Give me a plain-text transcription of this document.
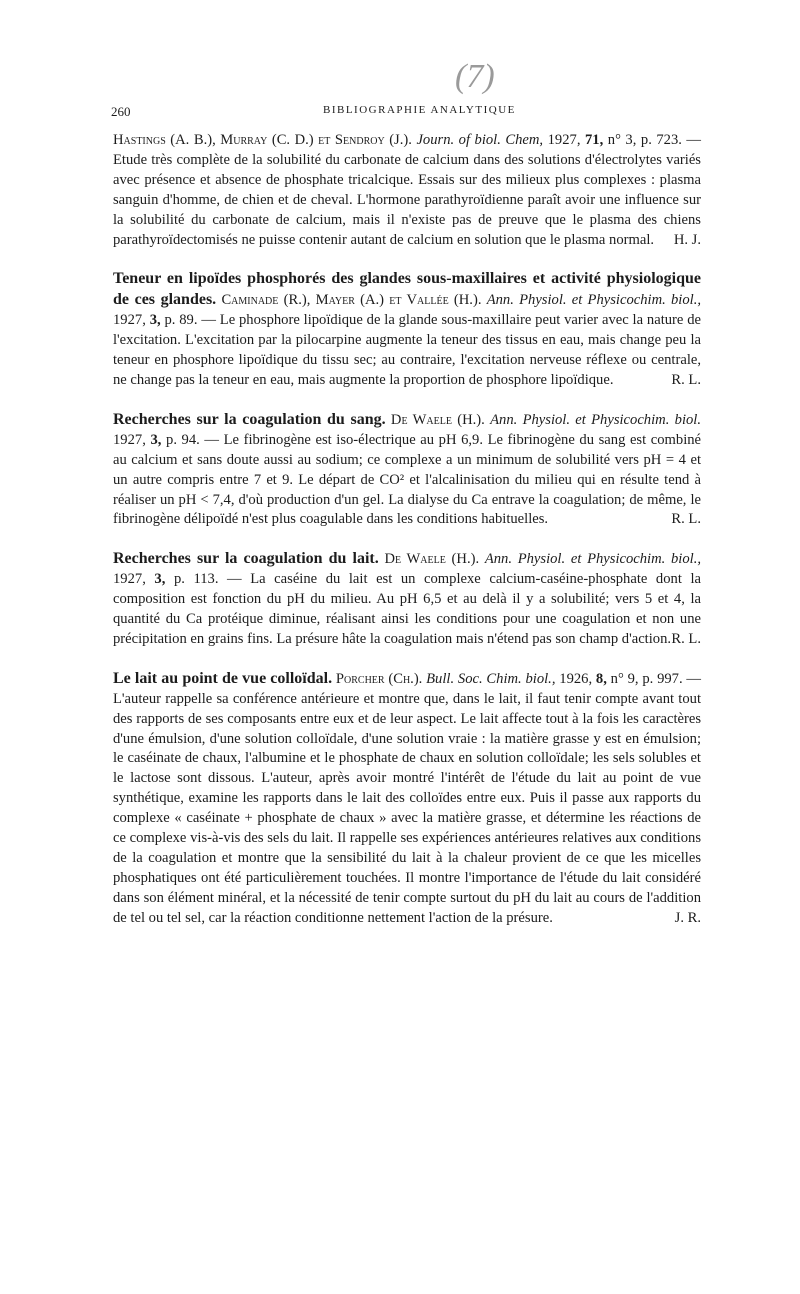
260	BIBLIOGRAPHIE ANALYTIQUE
(7)
Hastings (A. B.), Murray (C. D.) et Sendroy (J.). Journ. of biol. Chem, 1927, 71, n° 3, p. 723. — Etude très complète de la solubilité du carbonate de calcium dans des solutions d'électrolytes variés avec présence et absence de phosphate tricalcique. Essais sur des milieux plus complexes : plasma sanguin d'homme, de chien et de cheval. L'hormone parathyroïdienne paraît avoir une influence sur la solubilité du carbonate de calcium, mais il n'existe pas de preuve que le plasma des chiens parathyroïdectomisés ne puisse contenir autant de calcium en solution que le plasma normal. H. J.
Teneur en lipoïdes phosphorés des glandes sous-maxillaires et activité physiologique de ces glandes. Caminade (R.), Mayer (A.) et Vallée (H.). Ann. Physiol. et Physicochim. biol., 1927, 3, p. 89. — Le phosphore lipoïdique de la glande sous-maxillaire peut varier avec la nature de l'excitation. L'excitation par la pilocarpine augmente la teneur des tissus en eau, mais change peu la teneur en phosphore lipoïdique du tissu sec; au contraire, l'excitation nerveuse réflexe ou centrale, ne change pas la teneur en eau, mais augmente la proportion de phosphore lipoïdique.	R. L.
Recherches sur la coagulation du sang. De Waele (H.). Ann. Physiol. et Physicochim. biol. 1927, 3, p. 94. — Le fibrinogène est iso-électrique au pH 6,9. Le fibrinogène du sang est combiné au calcium et sans doute aussi au sodium; ce complexe a un minimum de solubilité vers pH = 4 et un autre compris entre 7 et 9. Le départ de CO² et l'alcalinisation du milieu qui en résulte tend à réaliser un pH < 7,4, d'où production d'un gel. La dialyse du Ca entrave la coagulation; de même, le fibrinogène délipoïdé n'est plus coagulable dans les conditions habituelles.	R. L.
Recherches sur la coagulation du lait. De Waele (H.). Ann. Physiol. et Physicochim. biol., 1927, 3, p. 113. — La caséine du lait est un complexe calcium-caséine-phosphate dont la composition est fonction du pH du milieu. Au pH 6,5 et au delà il y a solubilité; vers 5 et 4, la quantité du Ca protéique diminue, réalisant ainsi les conditions pour une coagulation et non une précipitation en grains fins. La présure hâte la coagulation mais n'étend pas son champ d'action. R. L.
Le lait au point de vue colloïdal. Porcher (Ch.). Bull. Soc. Chim. biol., 1926, 8, n° 9, p. 997. — L'auteur rappelle sa conférence antérieure et montre que, dans le lait, il faut tenir compte avant tout des rapports de ses composants entre eux et de leur aspect. Le lait affecte tout à la fois les caractères d'une émulsion, d'une solution colloïdale, d'une solution vraie : la matière grasse y est en émulsion; le caséinate de chaux, l'albumine et le phosphate de chaux en solution colloïdale; les sels solubles et le lactose sont dissous. L'auteur, après avoir montré l'intérêt de l'étude du lait au point de vue synthétique, examine les rapports dans le lait des colloïdes entre eux. Puis il passe aux rapports du complexe « caséinate + phosphate de chaux » avec la matière grasse, et détermine les réactions de ce complexe vis-à-vis des sels du lait. Il rappelle ses expériences antérieures relatives aux conditions de la coagulation et montre que la sensibilité du lait à la chaleur provient de ce que les micelles phosphatiques ont été particulièrement touchées. Il montre l'importance de l'étude du lait considéré dans son élément minéral, et la nécessité de tenir compte surtout du pH du lait au cours de l'addition de tel ou tel sel, car la réaction conditionne nettement l'action de la présure.	J. R.
